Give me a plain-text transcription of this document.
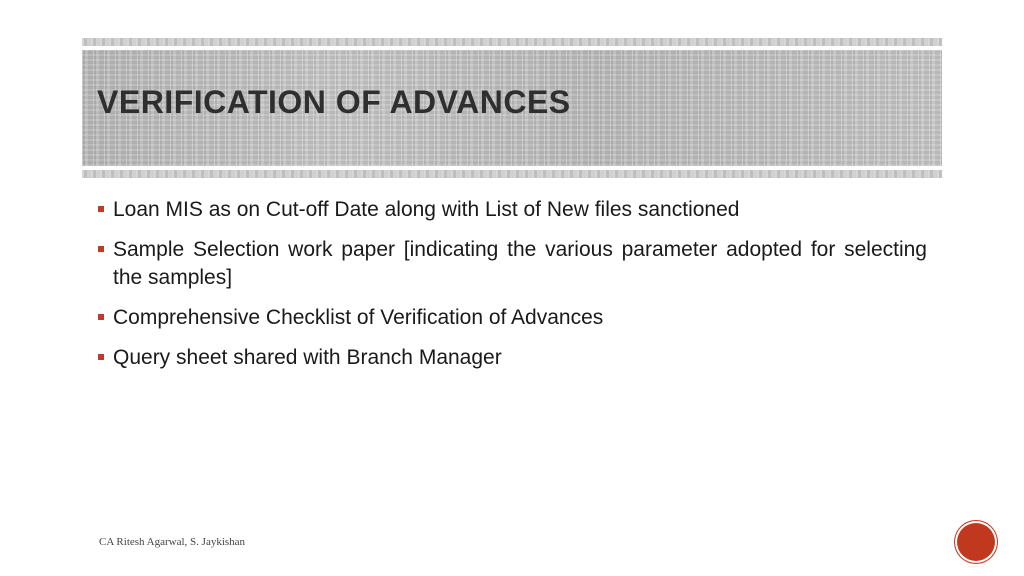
VERIFICATION OF ADVANCES
Loan MIS as on Cut-off Date along with List of New files sanctioned
Sample Selection work paper [indicating the various parameter adopted for selecting the samples]
Comprehensive Checklist of Verification of Advances
Query sheet shared with Branch Manager
CA Ritesh Agarwal, S. Jaykishan
